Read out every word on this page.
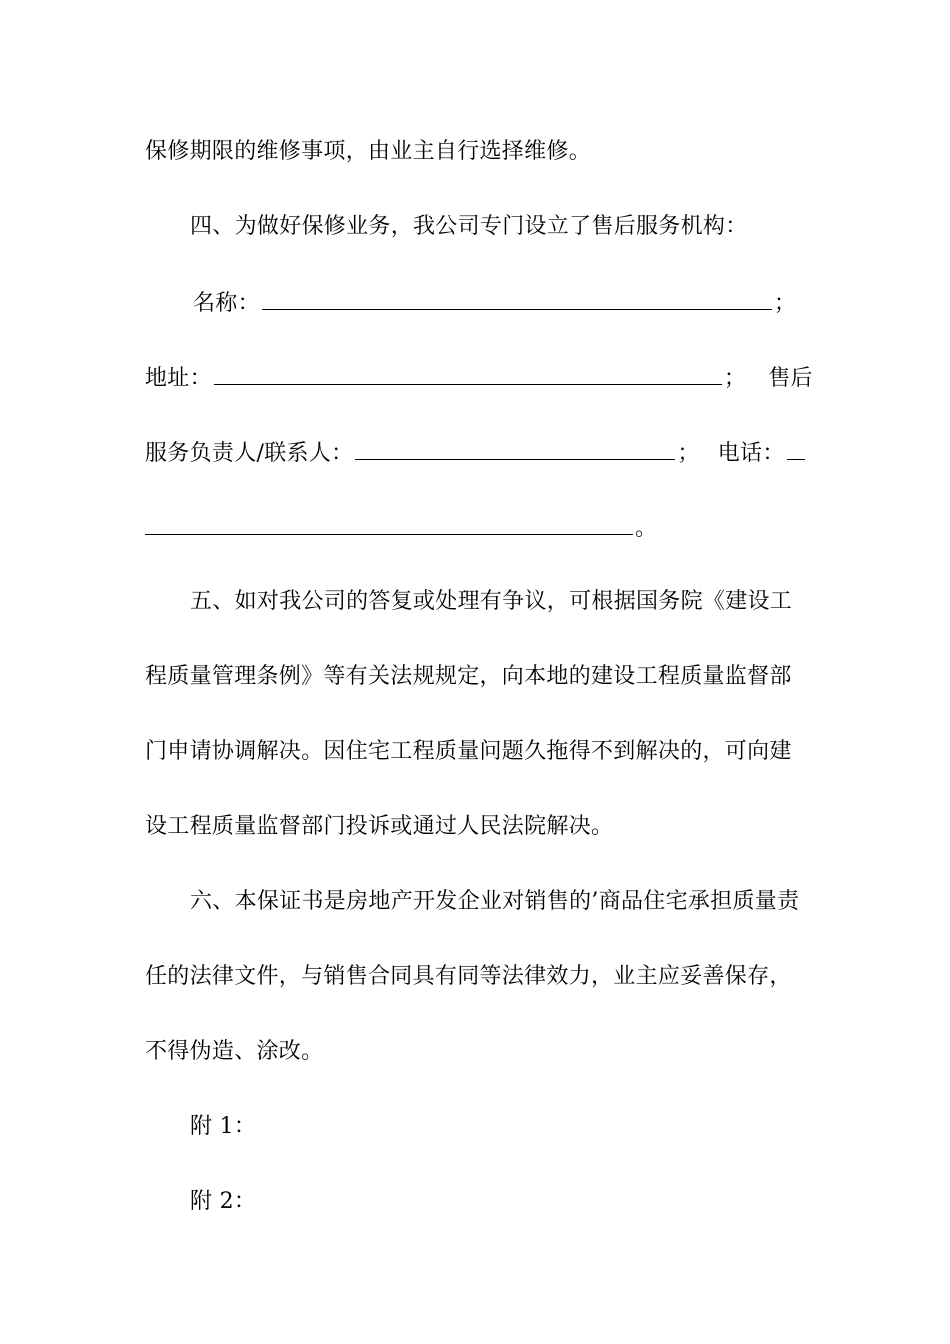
保修期限的维修事项，由业主自行选择维修。
四、为做好保修业务，我公司专门设立了售后服务机构：
名称：	；
地址：	； 售后
服务负责人/联系人：	； 电话：
。
五、如对我公司的答复或处理有争议，可根据国务院《建设工
程质量管理条例》等有关法规规定，向本地的建设工程质量监督部
门申请协调解决。因住宅工程质量问题久拖得不到解决的，可向建
设工程质量监督部门投诉或通过人民法院解决。
六、本保证书是房地产开发企业对销售的’商品住宅承担质量责
任的法律文件，与销售合同具有同等法律效力，业主应妥善保存，
不得伪造、涂改。
附 1：
附 2：
